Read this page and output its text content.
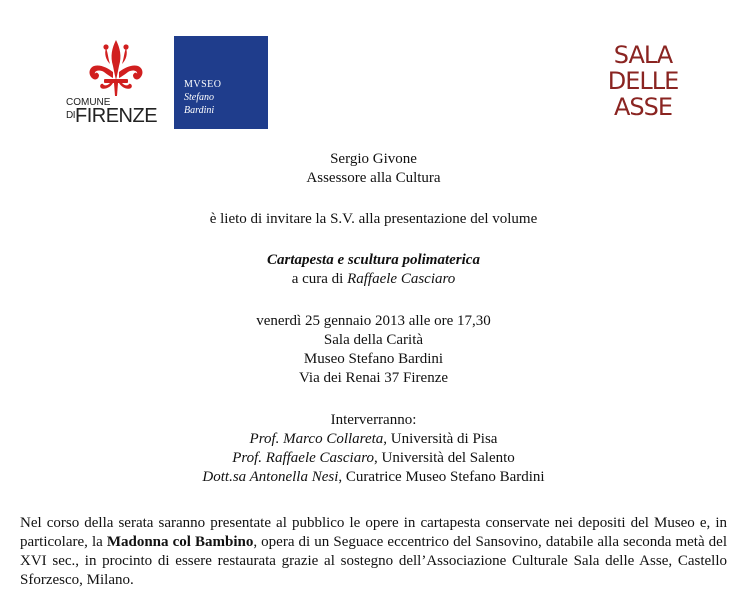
COMUNE
$^{DI}$FIRENZE
MVSEO
Stefano
Bardini
SALA
DELLE
ASSE
Sergio Givone
Assessore alla Cultura
è lieto di invitare la S.V. alla presentazione del volume
Cartapesta e scultura polimaterica
a cura di Raffaele Casciaro
venerdì 25 gennaio 2013 alle ore 17,30
Sala della Carità
Museo Stefano Bardini
Via dei Renai 37 Firenze
Interverranno:
Prof. Marco Collareta, Università di Pisa
Prof. Raffaele Casciaro, Università del Salento
Dott.sa Antonella Nesi, Curatrice Museo Stefano Bardini
Nel corso della serata saranno presentate al pubblico le opere in cartapesta conservate nei depositi del Museo e, in particolare, la Madonna col Bambino, opera di un Seguace eccentrico del Sansovino, databile alla seconda metà del XVI sec., in procinto di essere restaurata grazie al sostegno dell’Associazione Culturale Sala delle Asse, Castello Sforzesco, Milano.
